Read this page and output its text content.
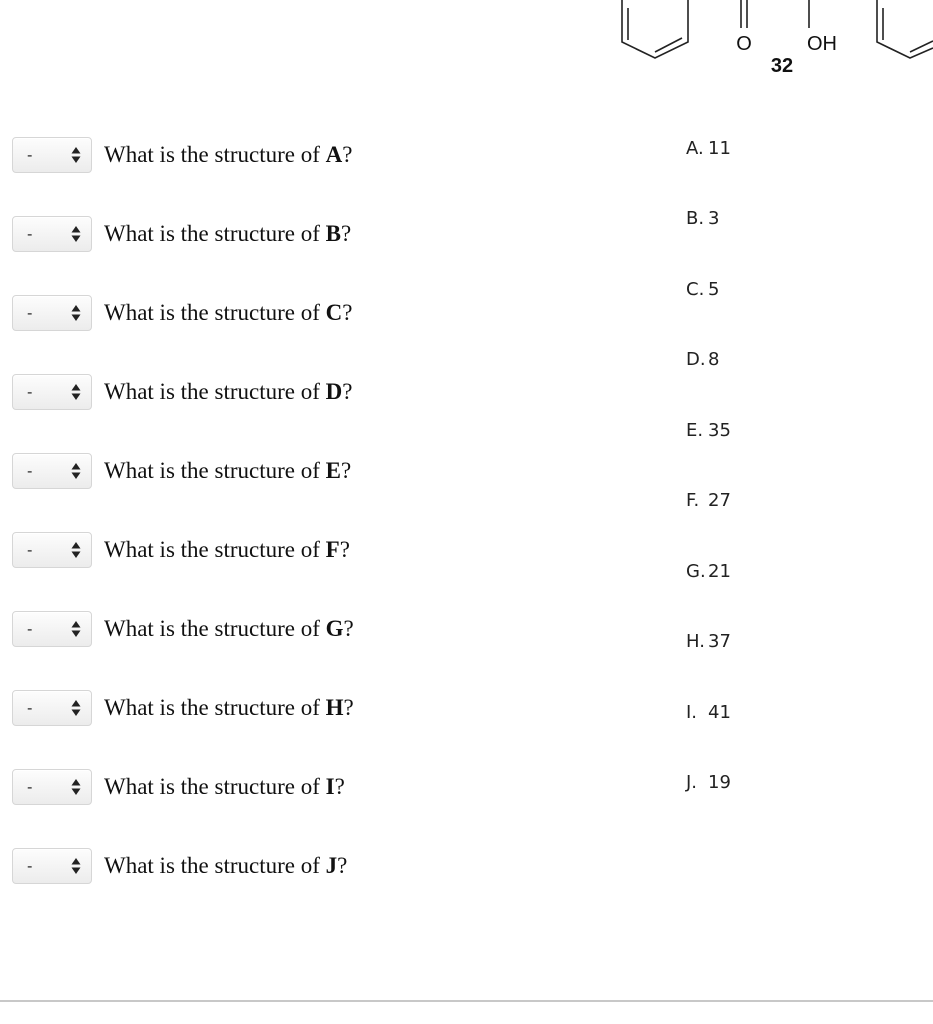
O	OH
32
-	What is the structure of A?
-	What is the structure of B?
-	What is the structure of C?
-	What is the structure of D?
-	What is the structure of E?
-	What is the structure of F?
-	What is the structure of G?
-	What is the structure of H?
-	What is the structure of I?
-	What is the structure of J?
A. 11
B. 3
C. 5
D. 8
E. 35
F. 27
G. 21
H. 37
I. 41
J. 19
